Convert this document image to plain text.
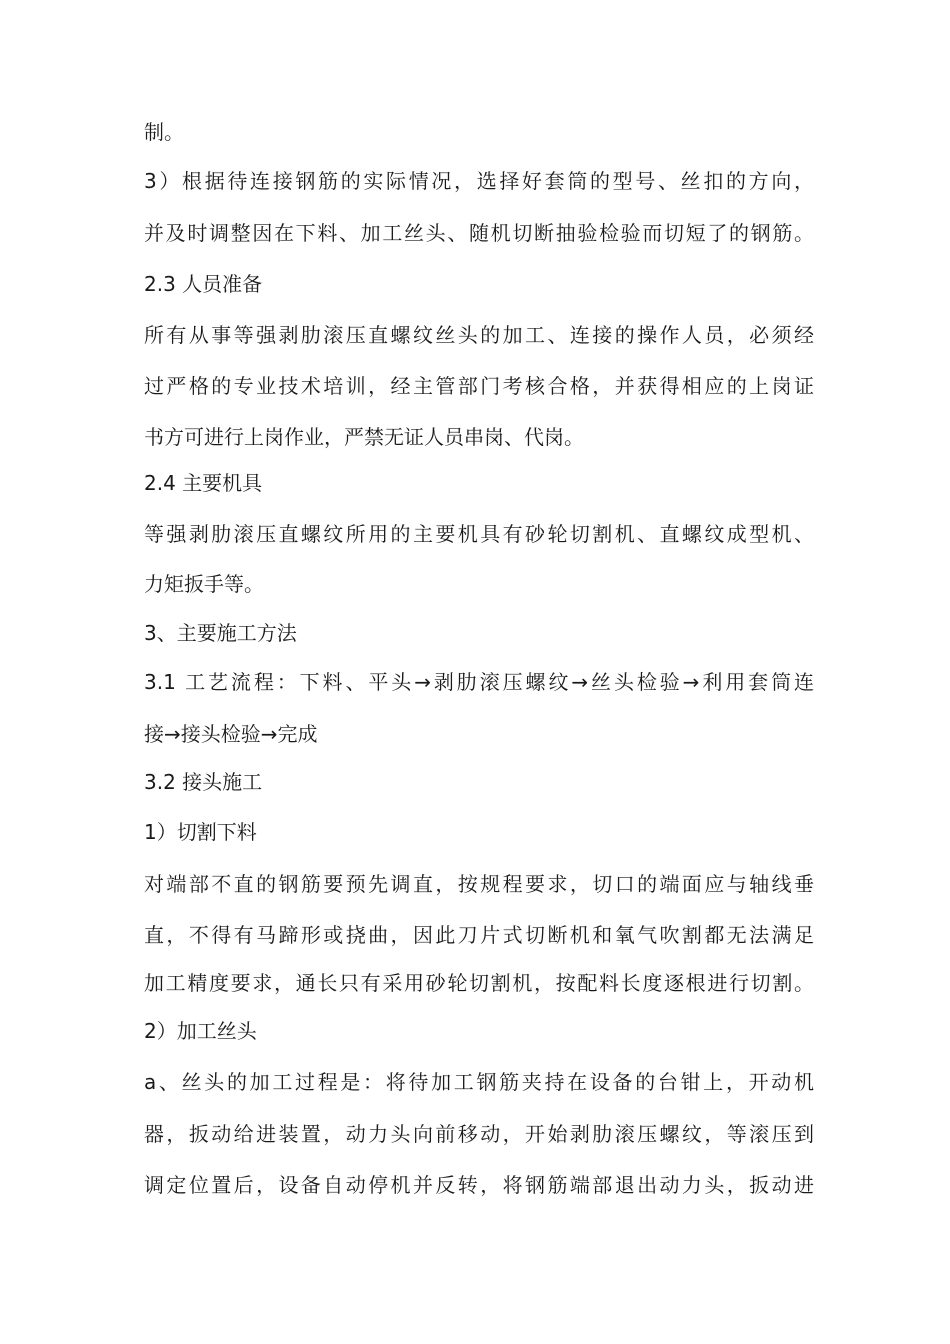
制。
3）根据待连接钢筋的实际情况，选择好套筒的型号、丝扣的方向，
并及时调整因在下料、加工丝头、随机切断抽验检验而切短了的钢筋。
2.3 人员准备
所有从事等强剥肋滚压直螺纹丝头的加工、连接的操作人员，必须经
过严格的专业技术培训，经主管部门考核合格，并获得相应的上岗证
书方可进行上岗作业，严禁无证人员串岗、代岗。
2.4 主要机具
等强剥肋滚压直螺纹所用的主要机具有砂轮切割机、直螺纹成型机、
力矩扳手等。
3、主要施工方法
3.1 工艺流程：下料、平头→剥肋滚压螺纹→丝头检验→利用套筒连
接→接头检验→完成
3.2 接头施工
1）切割下料
对端部不直的钢筋要预先调直，按规程要求，切口的端面应与轴线垂
直，不得有马蹄形或挠曲，因此刀片式切断机和氧气吹割都无法满足
加工精度要求，通长只有采用砂轮切割机，按配料长度逐根进行切割。
2）加工丝头
a、丝头的加工过程是：将待加工钢筋夹持在设备的台钳上，开动机
器，扳动给进装置，动力头向前移动，开始剥肋滚压螺纹，等滚压到
调定位置后，设备自动停机并反转，将钢筋端部退出动力头，扳动进
